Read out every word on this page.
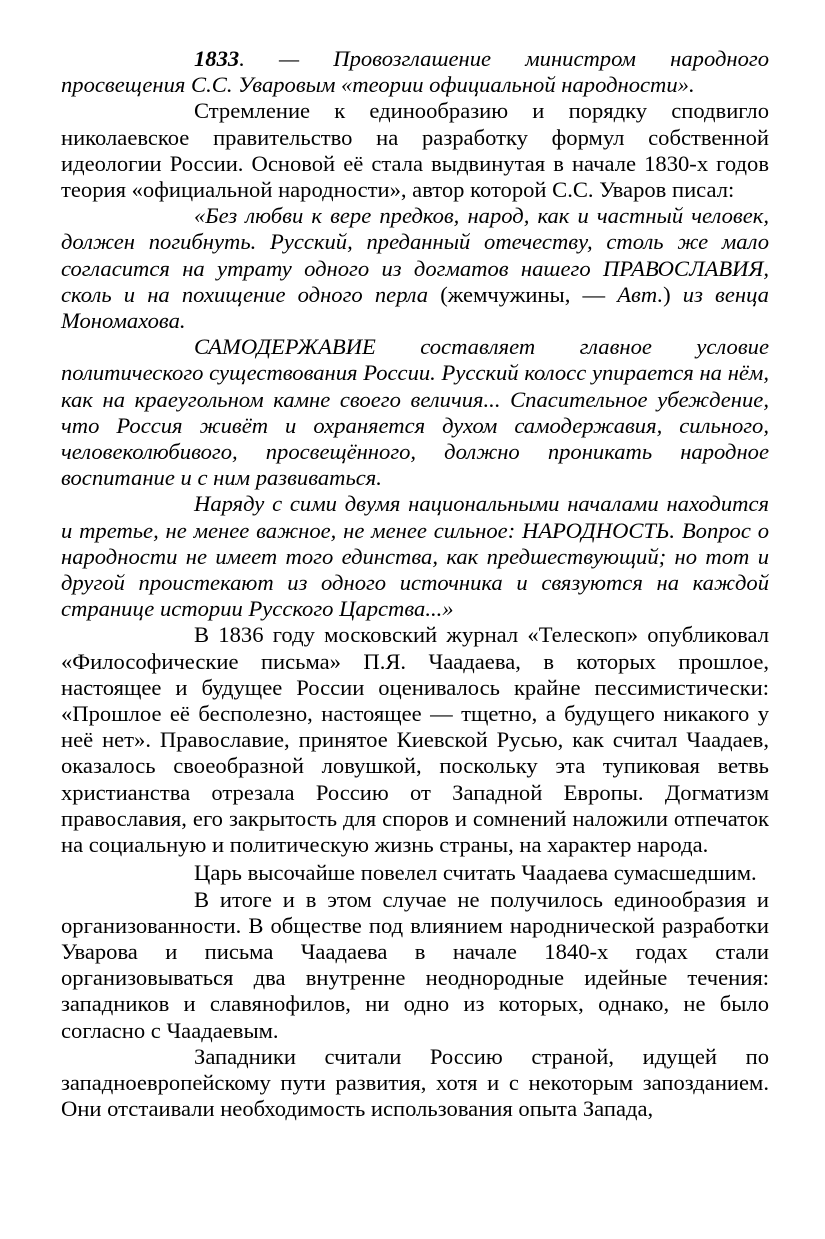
1833. — Провозглашение министром народного просвещения С.С. Уваровым «теории официальной народности».

Стремление к единообразию и порядку сподвигло николаевское правительство на разработку формул собственной идеологии России. Основой её стала выдвинутая в начале 1830-х годов теория «официальной народности», автор которой С.С. Уваров писал:

«Без любви к вере предков, народ, как и частный человек, должен погибнуть. Русский, преданный отечеству, столь же мало согласится на утрату одного из догматов нашего ПРАВОСЛАВИЯ, сколь и на похищение одного перла (жемчужины, — Авт.) из венца Мономахова.

САМОДЕРЖАВИЕ составляет главное условие политического существования России. Русский колосс упирается на нём, как на краеугольном камне своего величия... Спасительное убеждение, что Россия живёт и охраняется духом самодержавия, сильного, человеколюбивого, просвещённого, должно проникать народное воспитание и с ним развиваться.

Наряду с сими двумя национальными началами находится и третье, не менее важное, не менее сильное: НАРОДНОСТЬ. Вопрос о народности не имеет того единства, как предшествующий; но тот и другой проистекают из одного источника и связуются на каждой странице истории Русского Царства...»

В 1836 году московский журнал «Телескоп» опубликовал «Философические письма» П.Я. Чаадаева, в которых прошлое, настоящее и будущее России оценивалось крайне пессимистически: «Прошлое её бесполезно, настоящее — тщетно, а будущего никакого у неё нет». Православие, принятое Киевской Русью, как считал Чаадаев, оказалось своеобразной ловушкой, поскольку эта тупиковая ветвь христианства отрезала Россию от Западной Европы. Догматизм православия, его закрытость для споров и сомнений наложили отпечаток на социальную и политическую жизнь страны, на характер народа.

Царь высочайше повелел считать Чаадаева сумасшедшим.

В итоге и в этом случае не получилось единообразия и организованности. В обществе под влиянием народнической разработки Уварова и письма Чаадаева в начале 1840-х годах стали организовываться два внутренне неоднородные идейные течения: западников и славянофилов, ни одно из которых, однако, не было согласно с Чаадаевым.

Западники считали Россию страной, идущей по западноевропейскому пути развития, хотя и с некоторым запозданием. Они отстаивали необходимость использования опыта Запада,
